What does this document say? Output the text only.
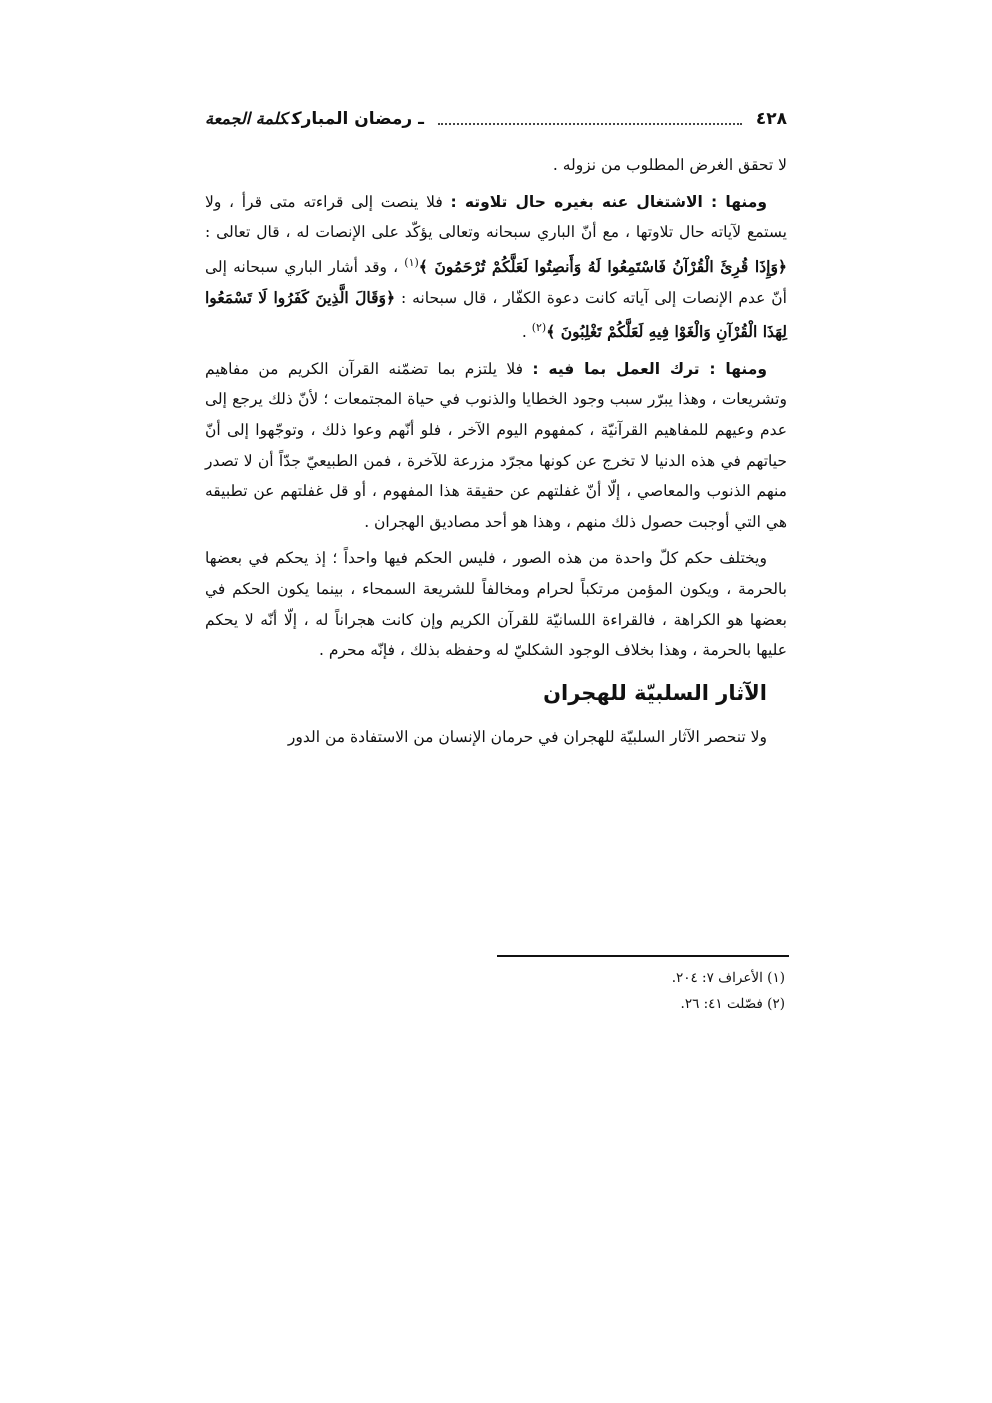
ـ رمضان المبارككلمة الجمعة	٤٢٨

لا تحقق الغرض المطلوب من نزوله .

ومنها : الاشتغال عنه بغيره حال تلاوته : فلا ينصت إلى قراءته متى قرأ ، ولا يستمع لآياته حال تلاوتها ، مع أنّ الباري سبحانه وتعالى يؤكّد على الإنصات له ، قال تعالى : ﴿وَإِذَا قُرِئَ الْقُرْآنُ فَاسْتَمِعُوا لَهُ وَأَنصِتُوا لَعَلَّكُمْ تُرْحَمُونَ ﴾$^{(١)}$ ، وقد أشار الباري سبحانه إلى أنّ عدم الإنصات إلى آياته كانت دعوة الكفّار ، قال سبحانه : ﴿وَقَالَ الَّذِينَ كَفَرُوا لَا تَسْمَعُوا لِهَذَا الْقُرْآنِ وَالْغَوْا فِيهِ لَعَلَّكُمْ تَغْلِبُونَ ﴾$^{(٢)}$ .

ومنها : ترك العمل بما فيه : فلا يلتزم بما تضمّنه القرآن الكريم من مفاهيم وتشريعات ، وهذا يبرّر سبب وجود الخطايا والذنوب في حياة المجتمعات ؛ لأنّ ذلك يرجع إلى عدم وعيهم للمفاهيم القرآنيّة ، كمفهوم اليوم الآخر ، فلو أنّهم وعوا ذلك ، وتوجّهوا إلى أنّ حياتهم في هذه الدنيا لا تخرج عن كونها مجرّد مزرعة للآخرة ، فمن الطبيعيّ جدّاً أن لا تصدر منهم الذنوب والمعاصي ، إلّا أنّ غفلتهم عن حقيقة هذا المفهوم ، أو قل غفلتهم عن تطبيقه هي التي أوجبت حصول ذلك منهم ، وهذا هو أحد مصاديق الهجران .

ويختلف حكم كلّ واحدة من هذه الصور ، فليس الحكم فيها واحداً ؛ إذ يحكم في بعضها بالحرمة ، ويكون المؤمن مرتكباً لحرام ومخالفاً للشريعة السمحاء ، بينما يكون الحكم في بعضها هو الكراهة ، فالقراءة اللسانيّة للقرآن الكريم وإن كانت هجراناً له ، إلّا أنّه لا يحكم عليها بالحرمة ، وهذا بخلاف الوجود الشكليّ له وحفظه بذلك ، فإنّه محرم .

الآثار السلبيّة للهجران

ولا تنحصر الآثار السلبيّة للهجران في حرمان الإنسان من الاستفادة من الدور

(١) الأعراف ٧: ٢٠٤.
(٢) فصّلت ٤١: ٢٦.
